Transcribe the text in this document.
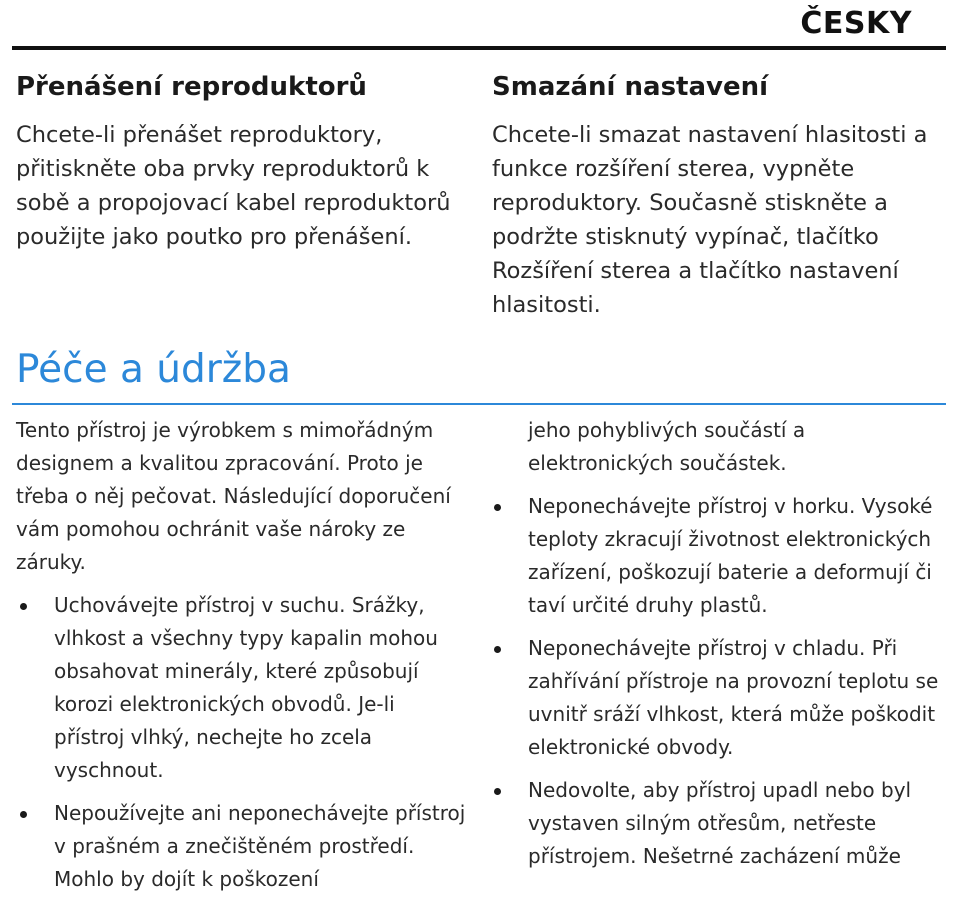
ČESKY
Přenášení reproduktorů

Chcete-li přenášet reproduktory, přitiskněte oba prvky reproduktorů k sobě a propojovací kabel reproduktorů použijte jako poutko pro přenášení.

Smazání nastavení

Chcete-li smazat nastavení hlasitosti a funkce rozšíření sterea, vypněte reproduktory. Současně stiskněte a podržte stisknutý vypínač, tlačítko Rozšíření sterea a tlačítko nastavení hlasitosti.

Péče a údržba

Tento přístroj je výrobkem s mimořádným designem a kvalitou zpracování. Proto je třeba o něj pečovat. Následující doporučení vám pomohou ochránit vaše nároky ze záruky.

Uchovávejte přístroj v suchu. Srážky, vlhkost a všechny typy kapalin mohou obsahovat minerály, které způsobují korozi elektronických obvodů. Je-li přístroj vlhký, nechejte ho zcela vyschnout.
Nepoužívejte ani neponechávejte přístroj v prašném a znečištěném prostředí. Mohlo by dojít k poškození

jeho pohyblivých součástí a elektronických součástek.

Neponechávejte přístroj v horku. Vysoké teploty zkracují životnost elektronických zařízení, poškozují baterie a deformují či taví určité druhy plastů.
Neponechávejte přístroj v chladu. Při zahřívání přístroje na provozní teplotu se uvnitř sráží vlhkost, která může poškodit elektronické obvody.
Nedovolte, aby přístroj upadl nebo byl vystaven silným otřesům, netřeste přístrojem. Nešetrné zacházení může
